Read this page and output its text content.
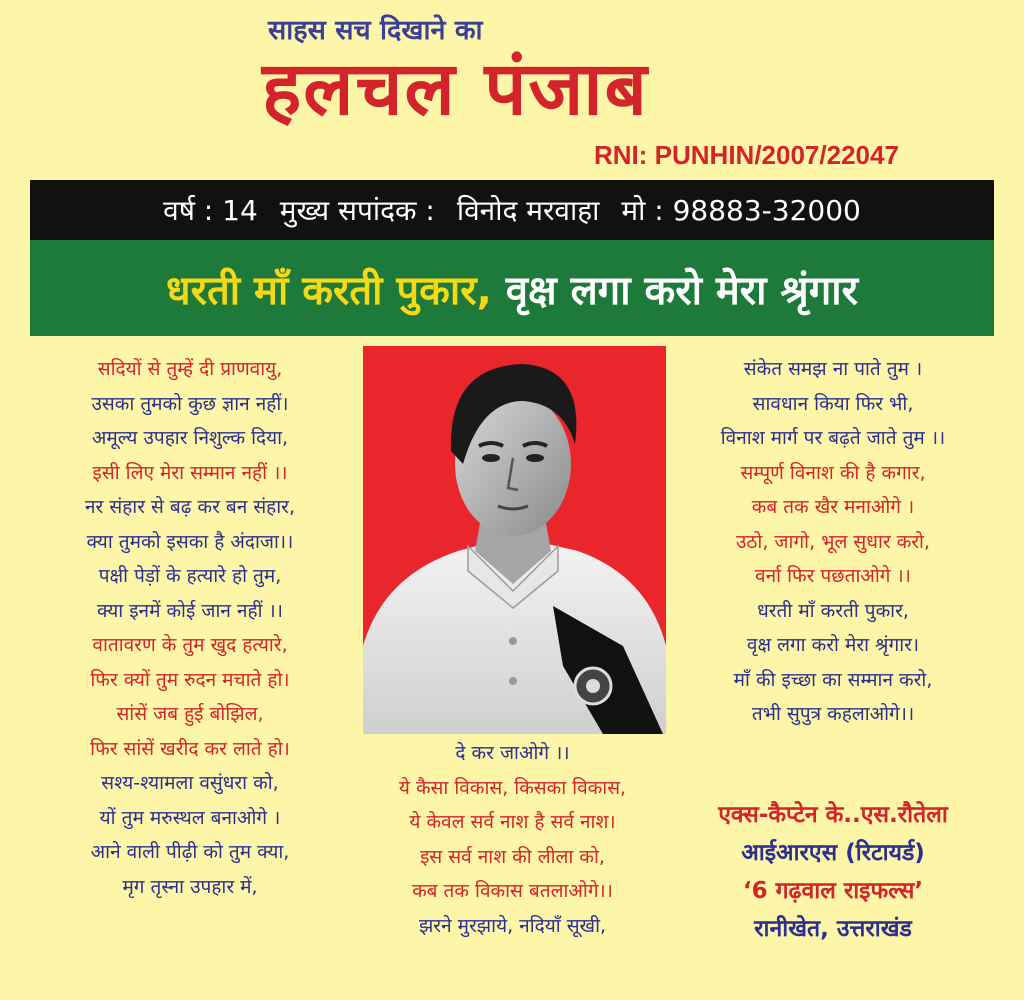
साहस सच दिखाने का
हलचल पंजाब
RNI: PUNHIN/2007/22047
वर्ष : 14 मुख्य सपांदक : विनोद मरवाहा मो : 98883-32000
धरती माँ करती पुकार,
वृक्ष लगा करो मेरा श्रृंगार
सदियों से तुम्हें दी प्राणवायु,
उसका तुमको कुछ ज्ञान नहीं।
अमूल्य उपहार निशुल्क दिया,
इसी लिए मेरा सम्मान नहीं ।।
नर संहार से बढ़ कर बन संहार,
क्या तुमको इसका है अंदाजा।।
पक्षी पेड़ों के हत्यारे हो तुम,
क्या इनमें कोई जान नहीं ।।
वातावरण के तुम खुद हत्यारे,
फिर क्यों तुम रुदन मचाते हो।
सांसें जब हुई बोझिल,
फिर सांसें खरीद कर लाते हो।
सश्य-श्यामला वसुंधरा को,
यों तुम मरुस्थल बनाओगे ।
आने वाली पीढ़ी को तुम क्या,
मृग तृस्ना उपहार में,
दे कर जाओगे ।।
ये कैसा विकास, किसका विकास,
ये केवल सर्व नाश है सर्व नाश।
इस सर्व नाश की लीला को,
कब तक विकास बतलाओगे।।
झरने मुरझाये, नदियाँ सूखी,
संकेत समझ ना पाते तुम ।
सावधान किया फिर भी,
विनाश मार्ग पर बढ़ते जाते तुम ।।
सम्पूर्ण विनाश की है कगार,
कब तक खैर मनाओगे ।
उठो, जागो, भूल सुधार करो,
वर्ना फिर पछताओगे ।।
धरती माँ करती पुकार,
वृक्ष लगा करो मेरा श्रृंगार।
माँ की इच्छा का सम्मान करो,
तभी सुपुत्र कहलाओगे।।
एक्स-कैप्टेन के..एस.रौतेला
आईआरएस (रिटायर्ड)
‘6 गढ़वाल राइफल्स’
रानीखेत, उत्तराखंड
